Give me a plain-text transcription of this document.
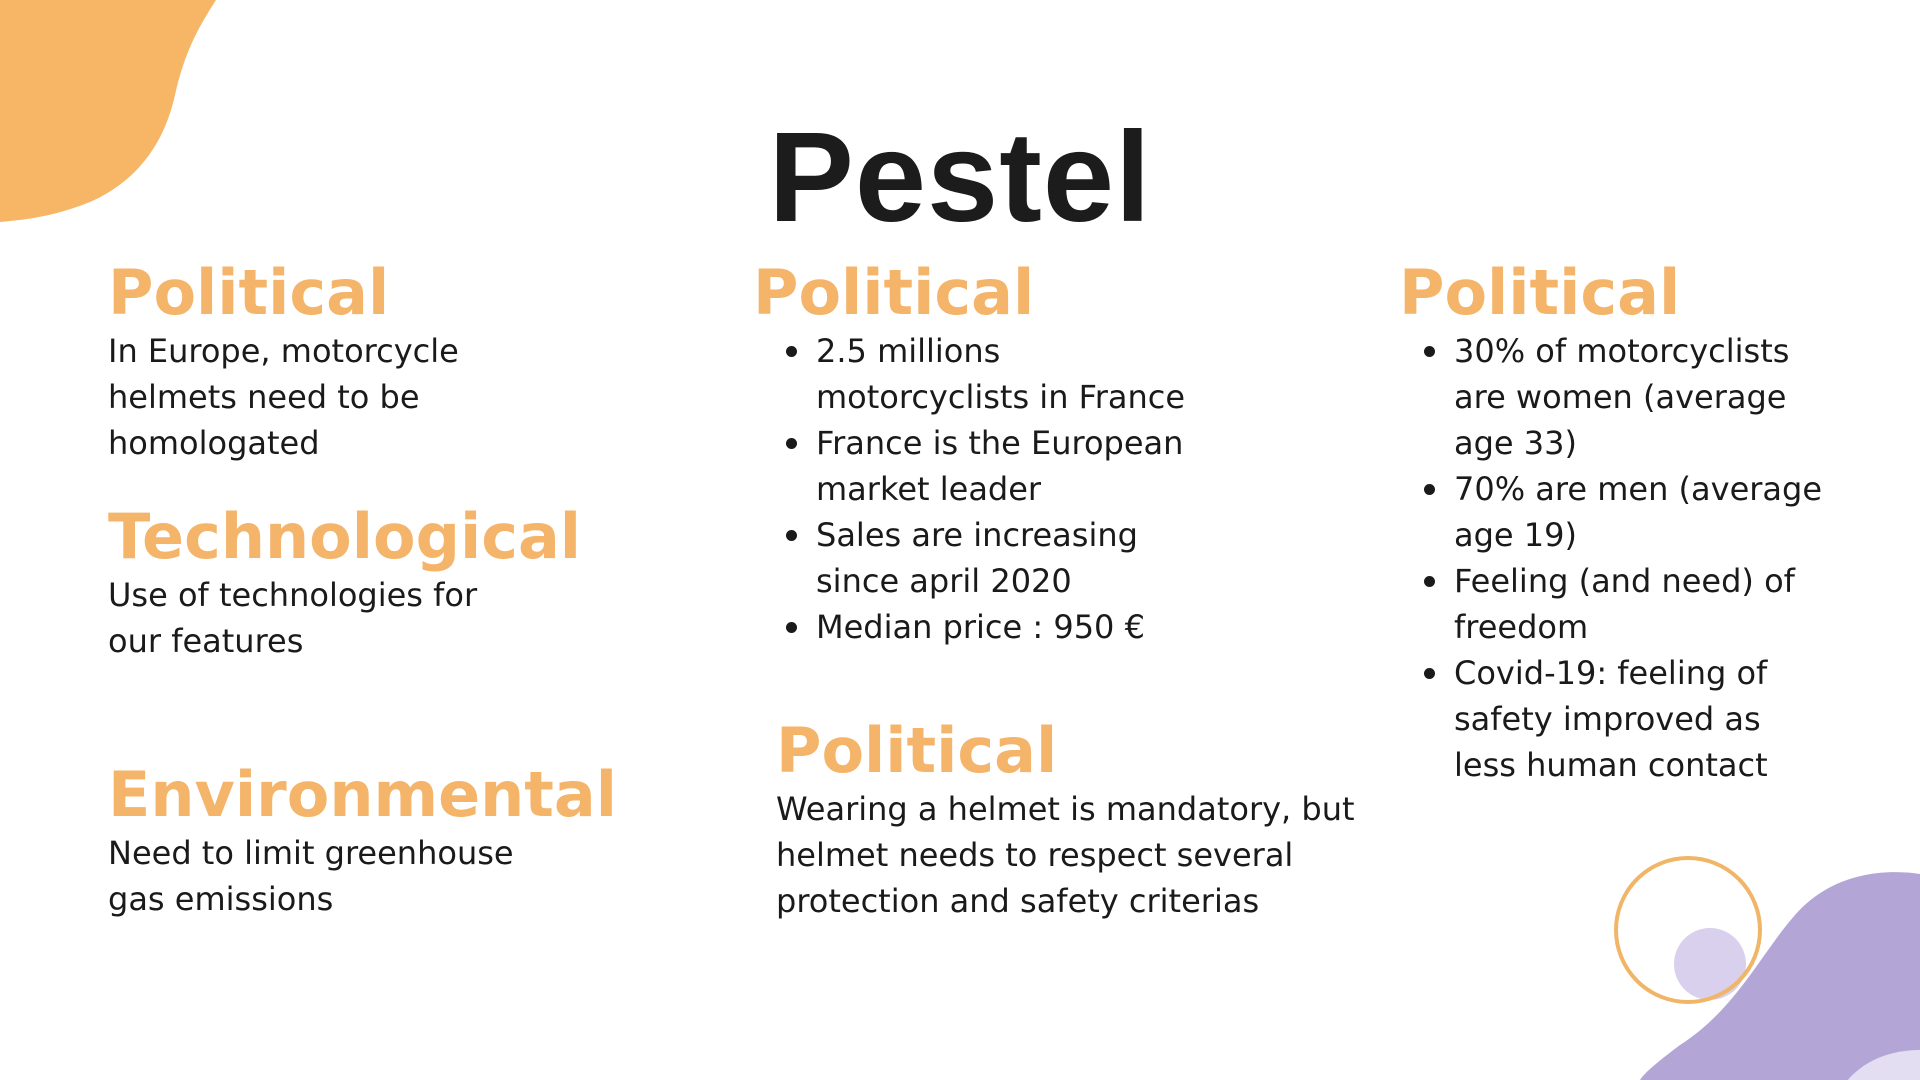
Pestel
Political
In Europe, motorcycle
helmets need to be
homologated
Technological
Use of technologies for
our features
Environmental
Need to limit greenhouse
gas emissions
Political
2.5 millions
motorcyclists in France
France is the European
market leader
Sales are increasing
since april 2020
Median price : 950 €
Political
Wearing a helmet is mandatory, but
helmet needs to respect several
protection and safety criterias
Political
30% of motorcyclists
are women (average
age 33)
70% are men (average
age 19)
Feeling (and need) of
freedom
Covid-19: feeling of
safety improved as
less human contact
